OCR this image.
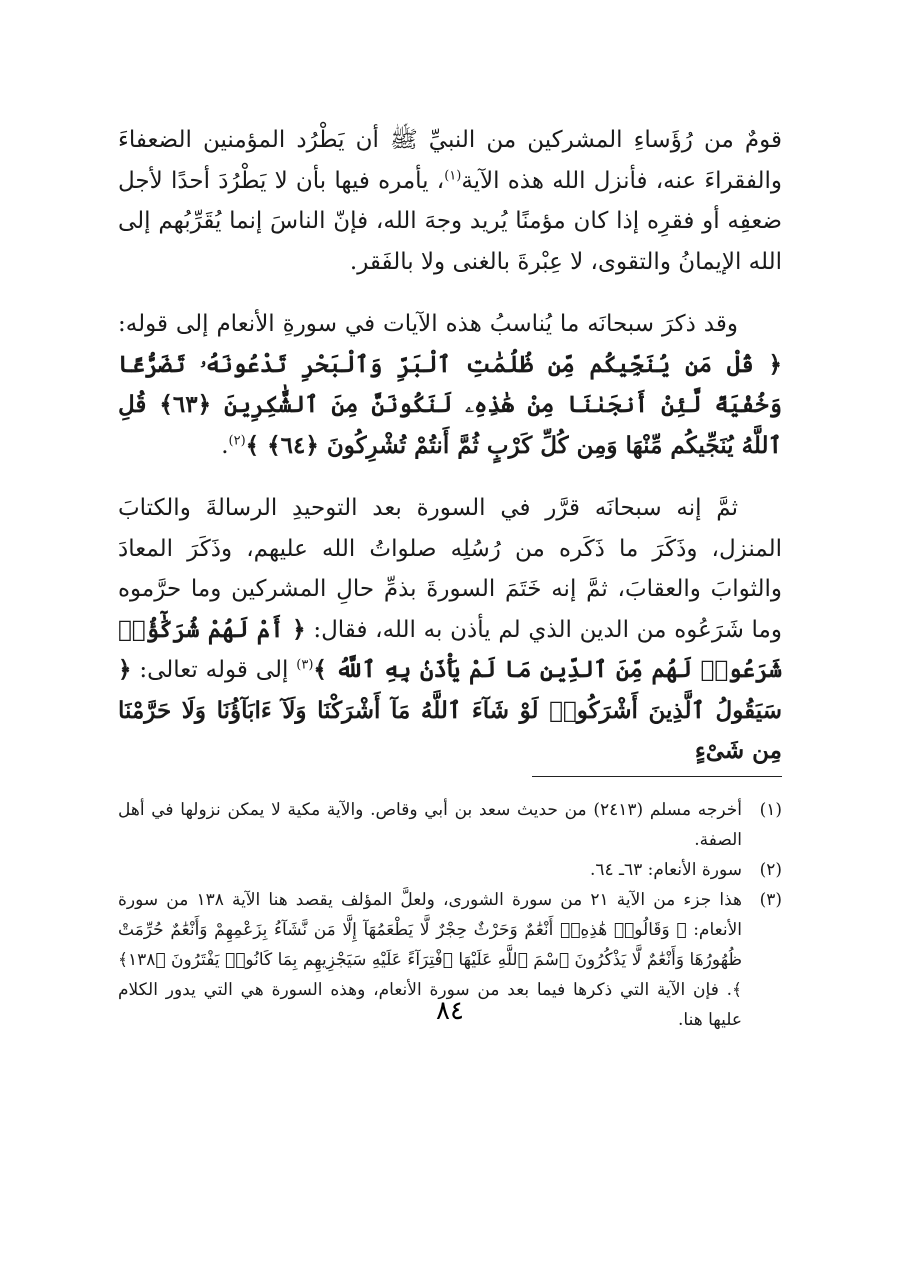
قومٌ من رُؤَساءِ المشركين من النبيِّ ﷺ أن يَطْرُد المؤمنين الضعفاءَ والفقراءَ عنه، فأنزل الله هذه الآية$^{(١)}$، يأمره فيها بأن لا يَطْرُدَ أحدًا لأجل ضعفِه أو فقرِه إذا كان مؤمنًا يُريد وجهَ الله، فإنّ الناسَ إنما يُقَرِّبُهم إلى الله الإيمانُ والتقوى، لا عِبْرةَ بالغنى ولا بالفَقر.

وقد ذكرَ سبحانَه ما يُناسبُ هذه الآيات في سورةِ الأنعام إلى قوله: ﴿ قُلْ مَن يُنَجِّيكُم مِّن ظُلُمَٰتِ ٱلْبَرِّ وَٱلْبَحْرِ تَدْعُونَهُۥ تَضَرُّعًا وَخُفْيَةً لَّئِنْ أَنجَىٰنَا مِنْ هَٰذِهِۦ لَنَكُونَنَّ مِنَ ٱلشَّٰكِرِينَ ﴿٦٣﴾ قُلِ ٱللَّهُ يُنَجِّيكُم مِّنْهَا وَمِن كُلِّ كَرْبٍ ثُمَّ أَنتُمْ تُشْرِكُونَ ﴿٦٤﴾ ﴾$^{(٢)}$.

ثمَّ إنه سبحانَه قرَّر في السورة بعد التوحيدِ الرسالةَ والكتابَ المنزل، وذَكَرَ ما ذَكَره من رُسُلِه صلواتُ الله عليهم، وذَكَرَ المعادَ والثوابَ والعقابَ، ثمَّ إنه خَتَمَ السورةَ بذمِّ حالِ المشركين وما حرَّموه وما شَرَعُوه من الدين الذي لم يأذن به الله، فقال: ﴿ أَمْ لَهُمْ شُرَكَٰٓؤُا۟ شَرَعُوا۟ لَهُم مِّنَ ٱلدِّينِ مَا لَمْ يَأْذَنۢ بِهِ ٱللَّهُ ﴾$^{(٣)}$ إلى قوله تعالى: ﴿ سَيَقُولُ ٱلَّذِينَ أَشْرَكُوا۟ لَوْ شَآءَ ٱللَّهُ مَآ أَشْرَكْنَا وَلَآ ءَابَآؤُنَا وَلَا حَرَّمْنَا مِن شَىْءٍ

(١)
أخرجه مسلم (٢٤١٣) من حديث سعد بن أبي وقاص. والآية مكية لا يمكن نزولها في أهل الصفة.
(٢)
سورة الأنعام: ٦٣ـ ٦٤.
(٣)
هذا جزء من الآية ٢١ من سورة الشورى، ولعلَّ المؤلف يقصد هنا الآية ١٣٨ من سورة الأنعام: ﴿ وَقَالُوا۟ هَٰذِهِۦٓ أَنْعَٰمٌ وَحَرْثٌ حِجْرٌ لَّا يَطْعَمُهَآ إِلَّا مَن نَّشَآءُ بِزَعْمِهِمْ وَأَنْعَٰمٌ حُرِّمَتْ ظُهُورُهَا وَأَنْعَٰمٌ لَّا يَذْكُرُونَ ٱسْمَ ٱللَّهِ عَلَيْهَا ٱفْتِرَآءً عَلَيْهِ سَيَجْزِيهِم بِمَا كَانُوا۟ يَفْتَرُونَ ﴿١٣٨﴾ ﴾. فإن الآية التي ذكرها فيما بعد من سورة الأنعام، وهذه السورة هي التي يدور الكلام عليها هنا.
٨٤
